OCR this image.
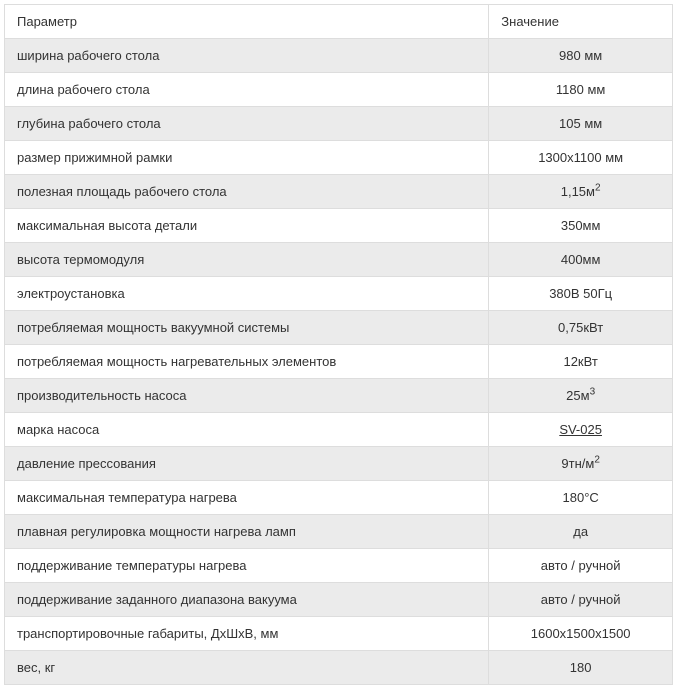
Параметр	Значение
ширина рабочего стола	980 мм
длина рабочего стола	1180 мм
глубина рабочего стола	105 мм
размер прижимной рамки	1300х1100 мм
полезная площадь рабочего стола	$1,15м^2$
максимальная высота детали	350мм
высота термомодуля	400мм
электроустановка	380В 50Гц
потребляемая мощность вакуумной системы	0,75кВт
потребляемая мощность нагревательных элементов	12кВт
производительность насоса	$25м^3$
марка насоса	SV-025
давление прессования	$9тн/м^2$
максимальная температура нагрева	180°С
плавная регулировка мощности нагрева ламп	да
поддерживание температуры нагрева	авто / ручной
поддерживание заданного диапазона вакуума	авто / ручной
транспортировочные габариты, ДхШхВ, мм	1600х1500х1500
вес, кг	180
